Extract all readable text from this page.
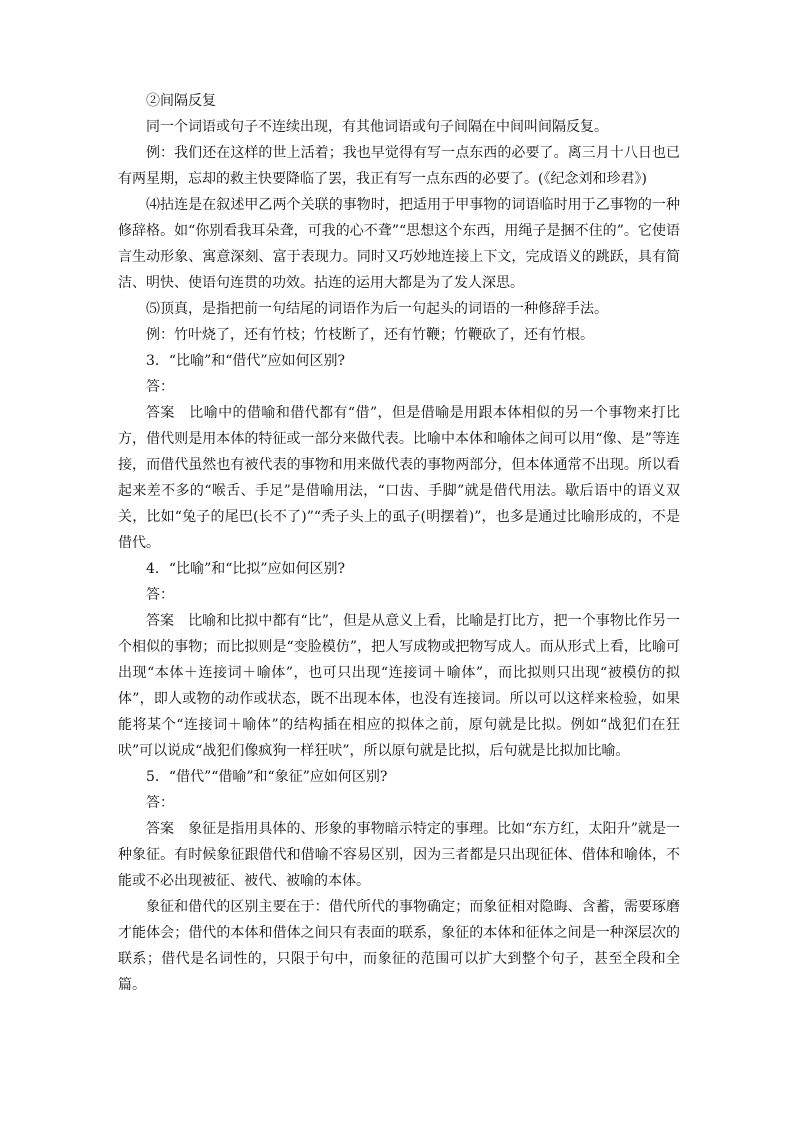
②间隔反复

同一个词语或句子不连续出现，有其他词语或句子间隔在中间叫间隔反复。

例：我们还在这样的世上活着；我也早觉得有写一点东西的必要了。离三月十八日也已有两星期，忘却的救主快要降临了罢，我正有写一点东西的必要了。(《纪念刘和珍君》)

⑷拈连是在叙述甲乙两个关联的事物时，把适用于甲事物的词语临时用于乙事物的一种修辞格。如“你别看我耳朵聋，可我的心不聋”“思想这个东西，用绳子是捆不住的”。它使语言生动形象、寓意深刻、富于表现力。同时又巧妙地连接上下文，完成语义的跳跃，具有简洁、明快、使语句连贯的功效。拈连的运用大都是为了发人深思。

⑸顶真，是指把前一句结尾的词语作为后一句起头的词语的一种修辞手法。

例：竹叶烧了，还有竹枝；竹枝断了，还有竹鞭；竹鞭砍了，还有竹根。

3．“比喻”和“借代”应如何区别?

答：

答案　比喻中的借喻和借代都有“借”，但是借喻是用跟本体相似的另一个事物来打比方，借代则是用本体的特征或一部分来做代表。比喻中本体和喻体之间可以用“像、是”等连接，而借代虽然也有被代表的事物和用来做代表的事物两部分，但本体通常不出现。所以看起来差不多的“喉舌、手足”是借喻用法，“口齿、手脚”就是借代用法。歇后语中的语义双关，比如“兔子的尾巴(长不了)”“秃子头上的虱子(明摆着)”，也多是通过比喻形成的，不是借代。

4．“比喻”和“比拟”应如何区别?

答：

答案　比喻和比拟中都有“比”，但是从意义上看，比喻是打比方，把一个事物比作另一个相似的事物；而比拟则是“变脸模仿”，把人写成物或把物写成人。而从形式上看，比喻可出现“本体＋连接词＋喻体”，也可只出现“连接词＋喻体”，而比拟则只出现“被模仿的拟体”，即人或物的动作或状态，既不出现本体，也没有连接词。所以可以这样来检验，如果能将某个“连接词＋喻体”的结构插在相应的拟体之前，原句就是比拟。例如“战犯们在狂吠”可以说成“战犯们像疯狗一样狂吠”，所以原句就是比拟，后句就是比拟加比喻。

5．“借代”“借喻”和“象征”应如何区别?

答：

答案　象征是指用具体的、形象的事物暗示特定的事理。比如“东方红，太阳升”就是一种象征。有时候象征跟借代和借喻不容易区别，因为三者都是只出现征体、借体和喻体，不能或不必出现被征、被代、被喻的本体。

象征和借代的区别主要在于：借代所代的事物确定；而象征相对隐晦、含蓄，需要琢磨才能体会；借代的本体和借体之间只有表面的联系，象征的本体和征体之间是一种深层次的联系；借代是名词性的，只限于句中，而象征的范围可以扩大到整个句子，甚至全段和全篇。
